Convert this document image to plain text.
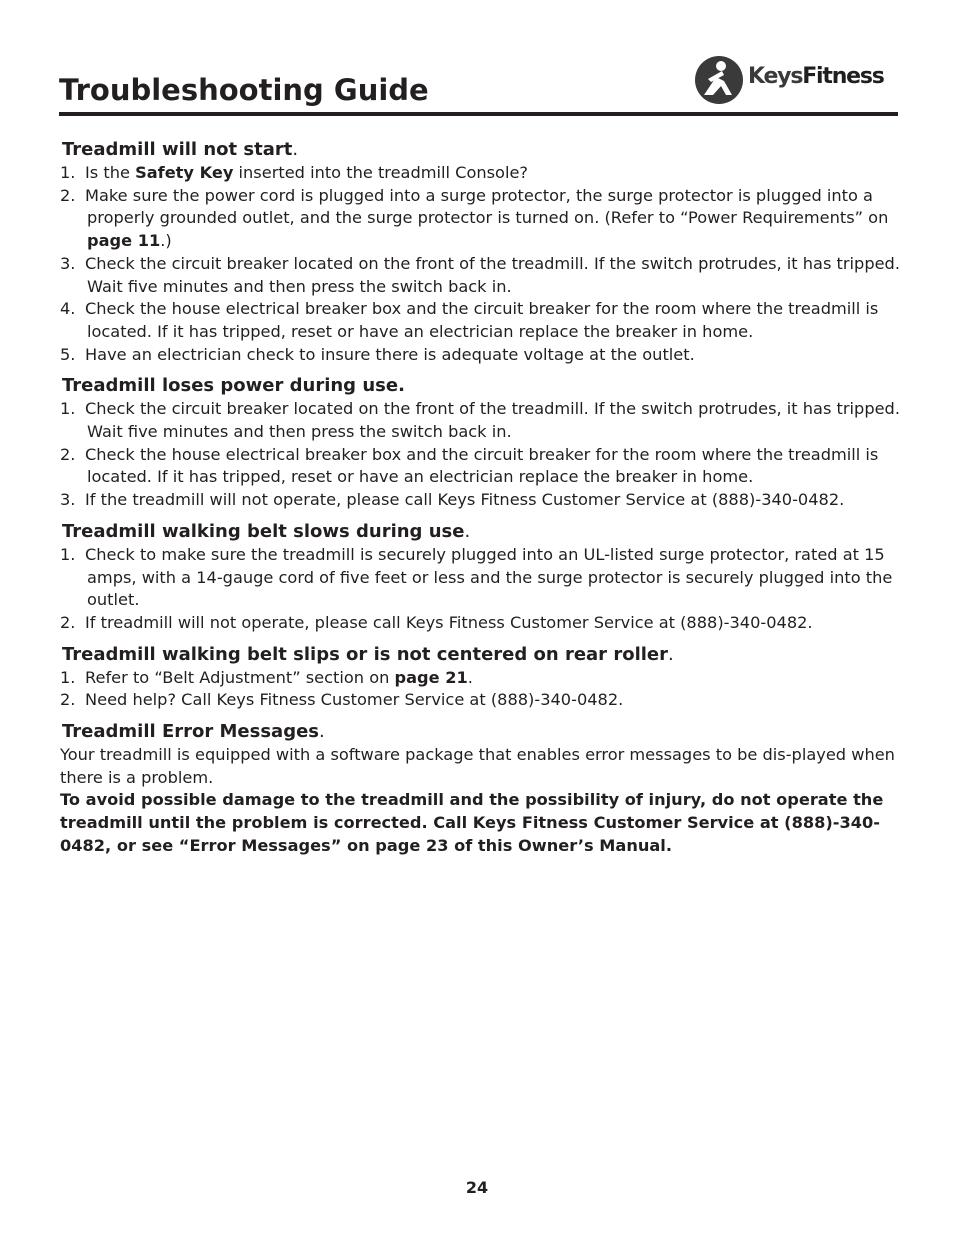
Troubleshooting Guide	KeysFitness
Treadmill will not start.
1. Is the Safety Key inserted into the treadmill Console?
2. Make sure the power cord is plugged into a surge protector, the surge protector is plugged into a properly grounded outlet, and the surge protector is turned on. (Refer to “Power Requirements” on page 11.)
3. Check the circuit breaker located on the front of the treadmill. If the switch protrudes, it has tripped. Wait five minutes and then press the switch back in.
4. Check the house electrical breaker box and the circuit breaker for the room where the treadmill is located. If it has tripped, reset or have an electrician replace the breaker in home.
5. Have an electrician check to insure there is adequate voltage at the outlet.
Treadmill loses power during use.
1. Check the circuit breaker located on the front of the treadmill. If the switch protrudes, it has tripped. Wait five minutes and then press the switch back in.
2. Check the house electrical breaker box and the circuit breaker for the room where the treadmill is located. If it has tripped, reset or have an electrician replace the breaker in home.
3. If the treadmill will not operate, please call Keys Fitness Customer Service at (888)-340-0482.
Treadmill walking belt slows during use.
1. Check to make sure the treadmill is securely plugged into an UL-listed surge protector, rated at 15 amps, with a 14-gauge cord of five feet or less and the surge protector is securely plugged into the outlet.
2. If treadmill will not operate, please call Keys Fitness Customer Service at (888)-340-0482.
Treadmill walking belt slips or is not centered on rear roller.
1. Refer to “Belt Adjustment” section on page 21.
2. Need help? Call Keys Fitness Customer Service at (888)-340-0482.
Treadmill Error Messages.

Your treadmill is equipped with a software package that enables error messages to be dis-played when there is a problem.

To avoid possible damage to the treadmill and the possibility of injury, do not operate the treadmill until the problem is corrected. Call Keys Fitness Customer Service at (888)-340-0482, or see “Error Messages” on page 23 of this Owner’s Manual.

24
